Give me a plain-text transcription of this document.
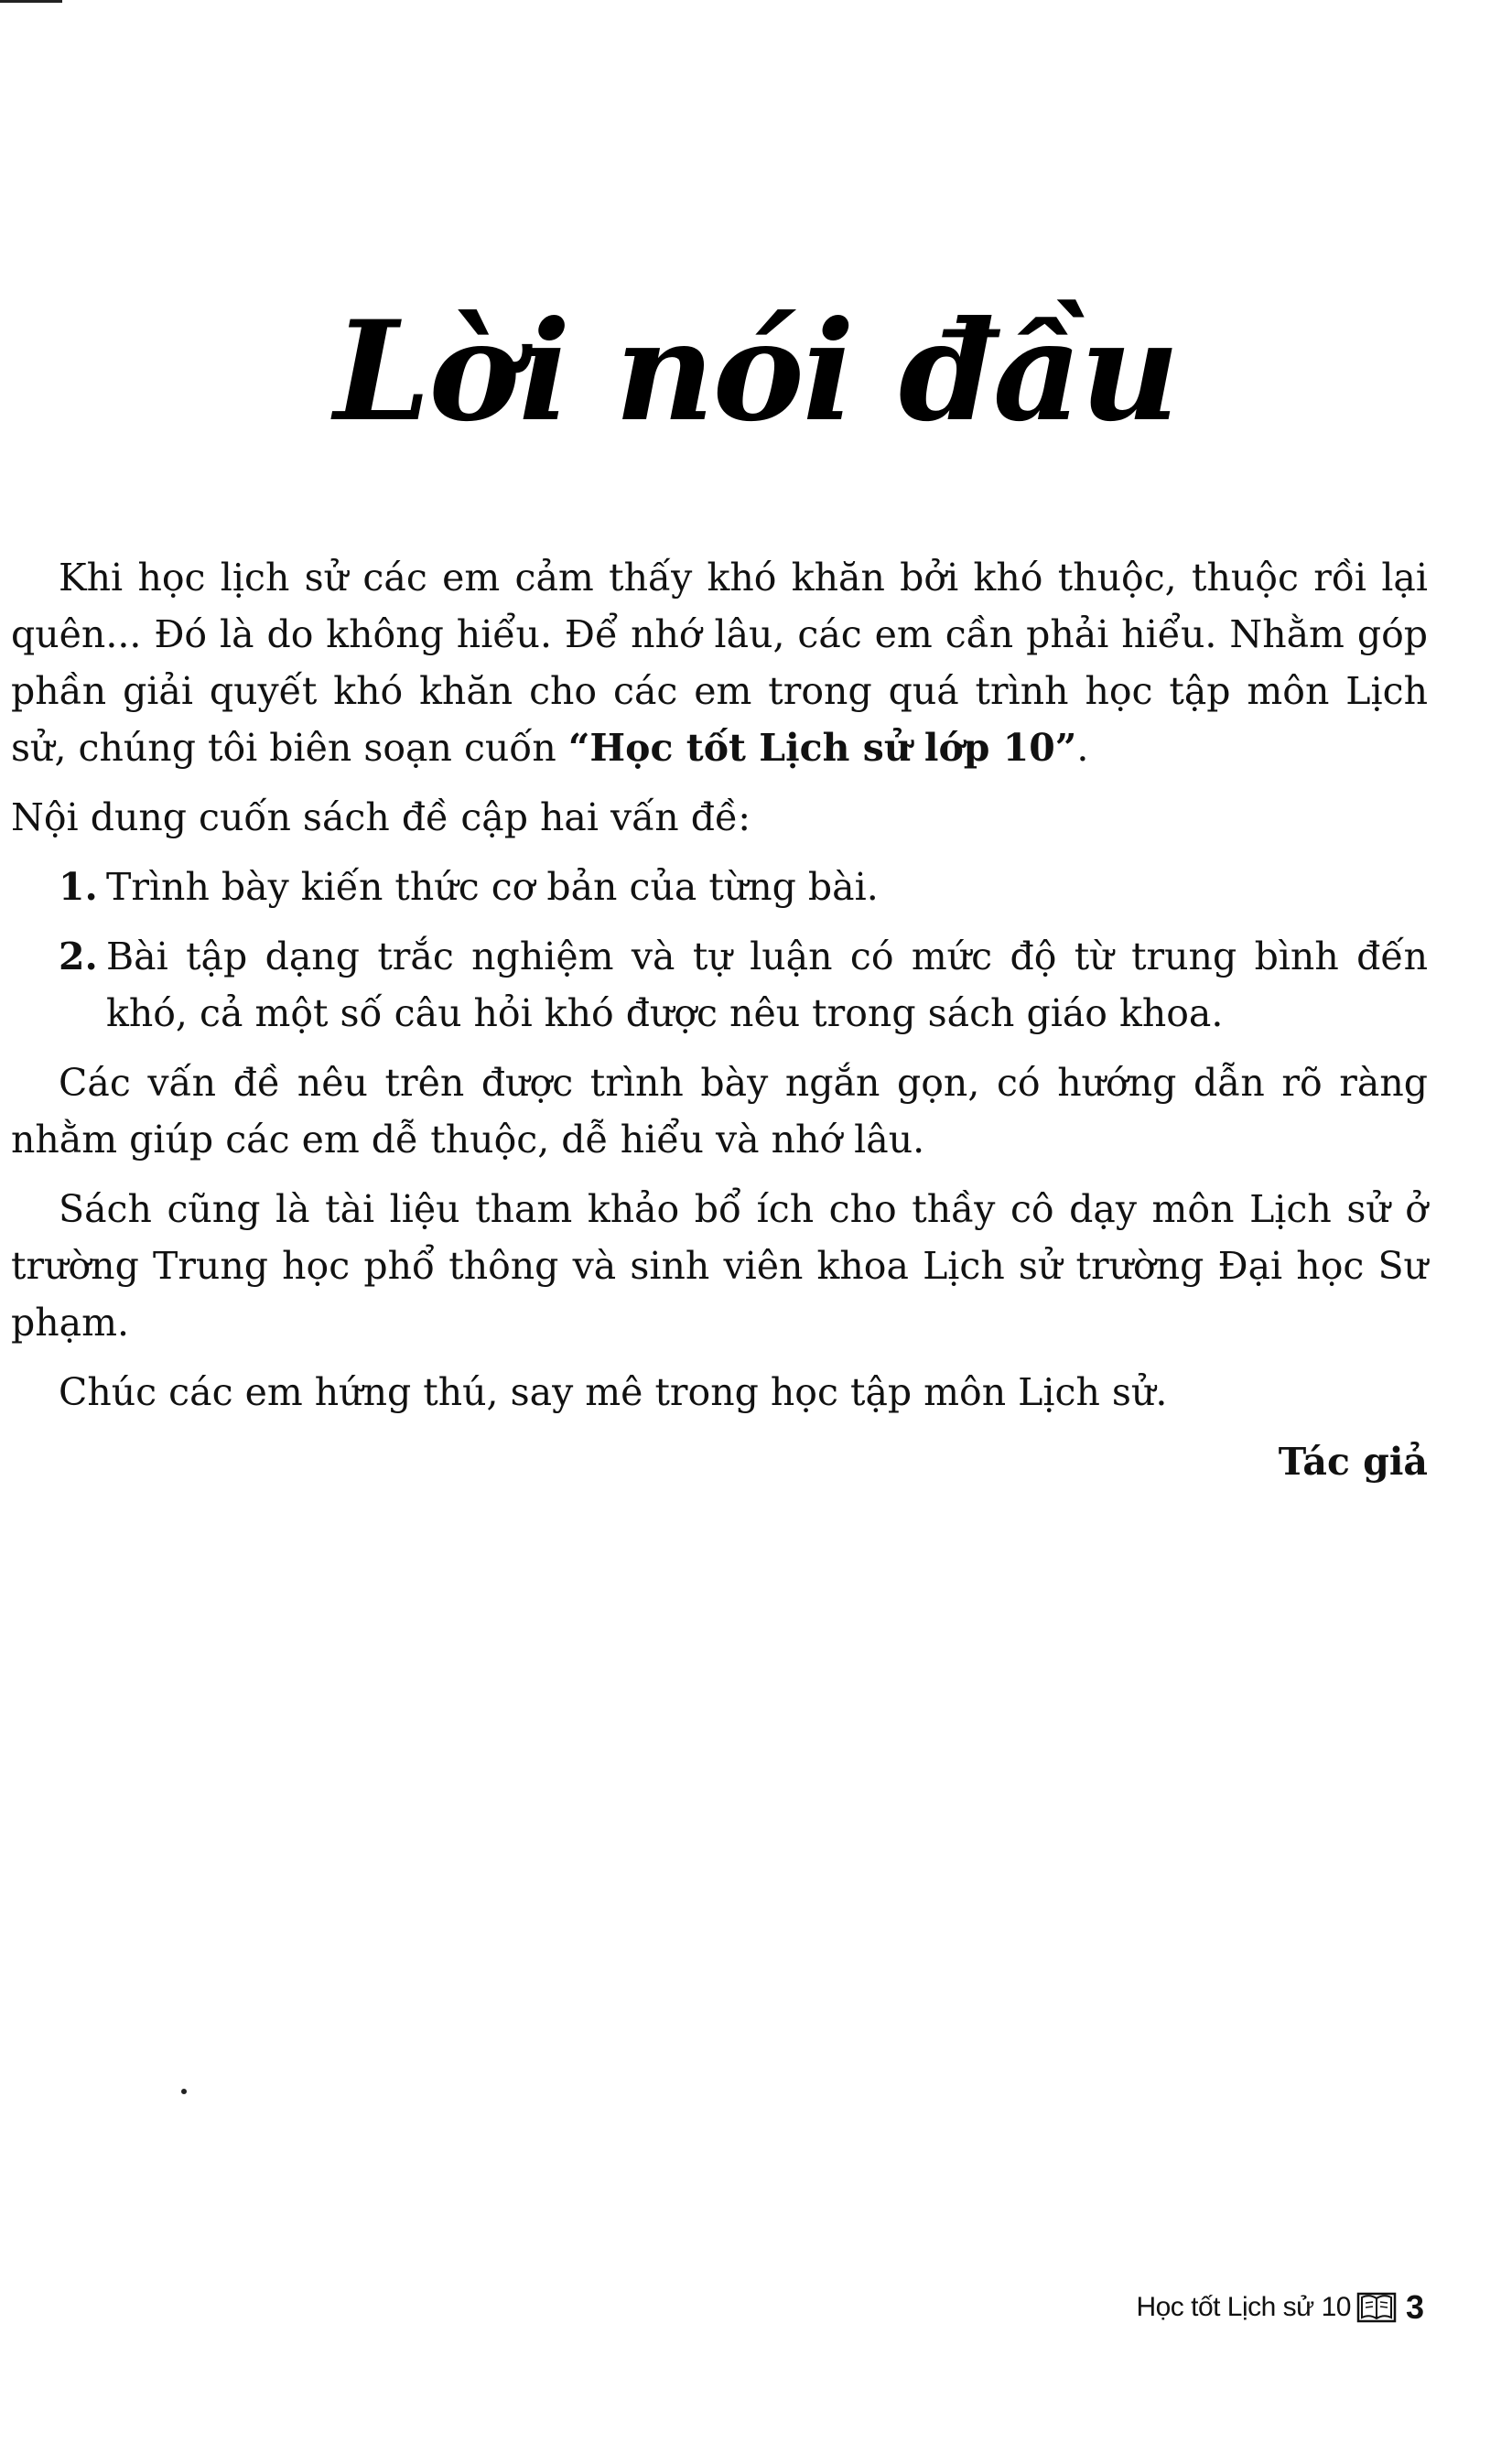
Lời nói đầu

Khi học lịch sử các em cảm thấy khó khăn bởi khó thuộc, thuộc rồi lại quên... Đó là do không hiểu. Để nhớ lâu, các em cần phải hiểu. Nhằm góp phần giải quyết khó khăn cho các em trong quá trình học tập môn Lịch sử, chúng tôi biên soạn cuốn “Học tốt Lịch sử lớp 10”.

Nội dung cuốn sách đề cập hai vấn đề:

1. Trình bày kiến thức cơ bản của từng bài.
2. Bài tập dạng trắc nghiệm và tự luận có mức độ từ trung bình đến khó, cả một số câu hỏi khó được nêu trong sách giáo khoa.

Các vấn đề nêu trên được trình bày ngắn gọn, có hướng dẫn rõ ràng nhằm giúp các em dễ thuộc, dễ hiểu và nhớ lâu.

Sách cũng là tài liệu tham khảo bổ ích cho thầy cô dạy môn Lịch sử ở trường Trung học phổ thông và sinh viên khoa Lịch sử trường Đại học Sư phạm.

Chúc các em hứng thú, say mê trong học tập môn Lịch sử.

Tác giả

Học tốt Lịch sử 10 3
